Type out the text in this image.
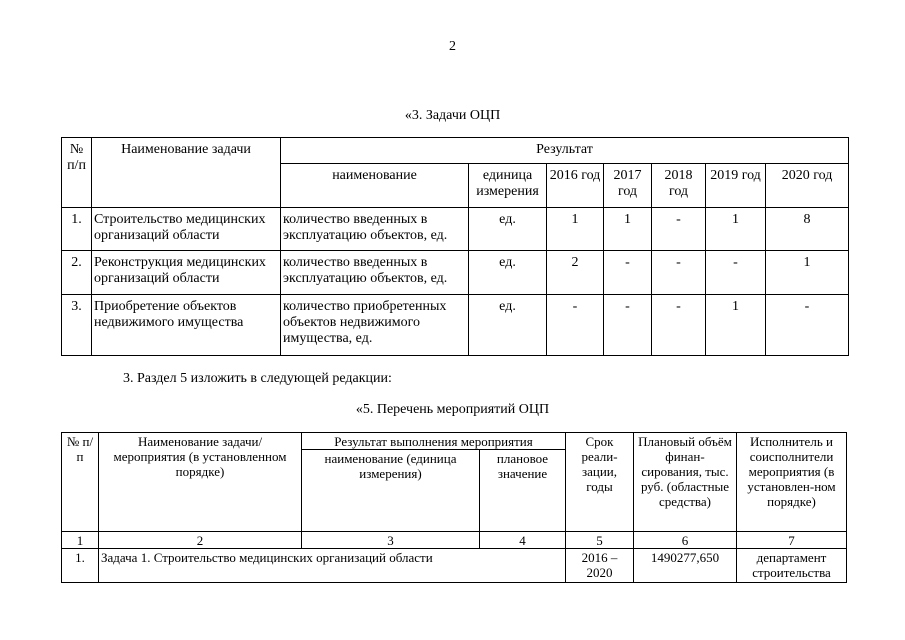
2
«3. Задачи ОЦП
№ п/п	Наименование задачи	Результат						
		наименование	единица измерения	2016 год	2017 год	2018 год	2019 год	2020 год
1.	Строительство медицинских организаций области	количество введенных в эксплуатацию объектов, ед.	ед.	1	1	-	1	8
2.	Реконструкция медицинских организаций области	количество введенных в эксплуатацию объектов, ед.	ед.	2	-	-	-	1
3.	Приобретение объектов недвижимого имущества	количество приобретенных объектов недвижимого имущества, ед.	ед.	-	-	-	1	-
3. Раздел 5 изложить в следующей редакции:
«5. Перечень мероприятий ОЦП
№ п/п	Наименование задачи/ мероприятия (в установленном порядке)	Результат выполнения мероприятия		Срок реали-зации, годы	Плановый объём финан-сирования, тыс. руб. (областные средства)	Исполнитель и соисполнители мероприятия (в установлен-ном порядке)
		наименование (единица измерения)	плановое значение			
1	2	3	4	5	6	7
1.	Задача 1. Строительство медицинских организаций области			2016 – 2020	1490277,650	департамент строительства
